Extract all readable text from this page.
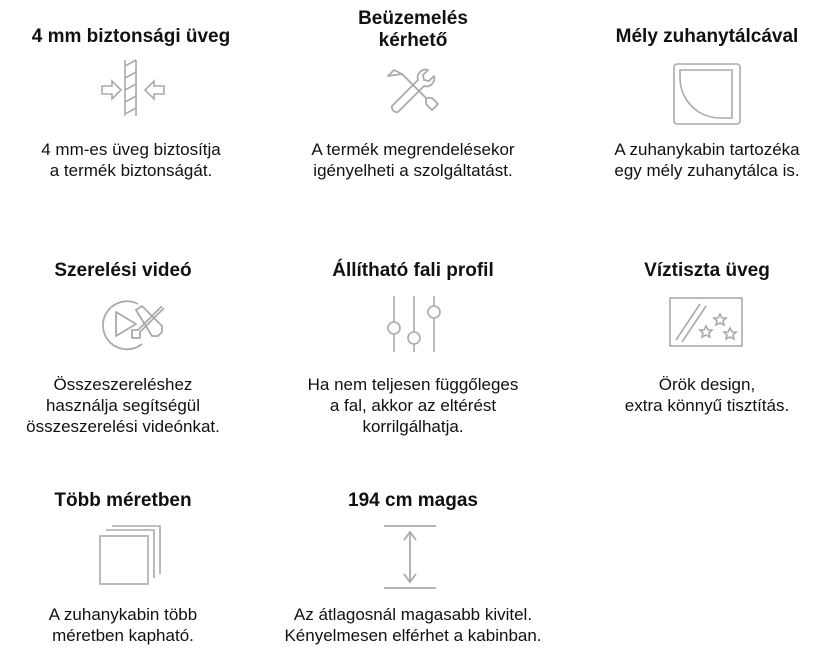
4 mm biztonsági üveg

4 mm-es üveg biztosítja
a termék biztonságát.

Beüzemelés
kérhető

A termék megrendelésekor
igényelheti a szolgáltatást.

Mély zuhanytálcával

A zuhanykabin tartozéka
egy mély zuhanytálca is.

Szerelési videó

Összeszereléshez
használja segítségül
összeszerelési videónkat.

Állítható fali profil

Ha nem teljesen függőleges
a fal, akkor az eltérést
korrilgálhatja.

Víztiszta üveg

Örök design,
extra könnyű tisztítás.

Több méretben

A zuhanykabin több
méretben kapható.

194 cm magas

Az átlagosnál magasabb kivitel.
Kényelmesen elférhet a kabinban.
